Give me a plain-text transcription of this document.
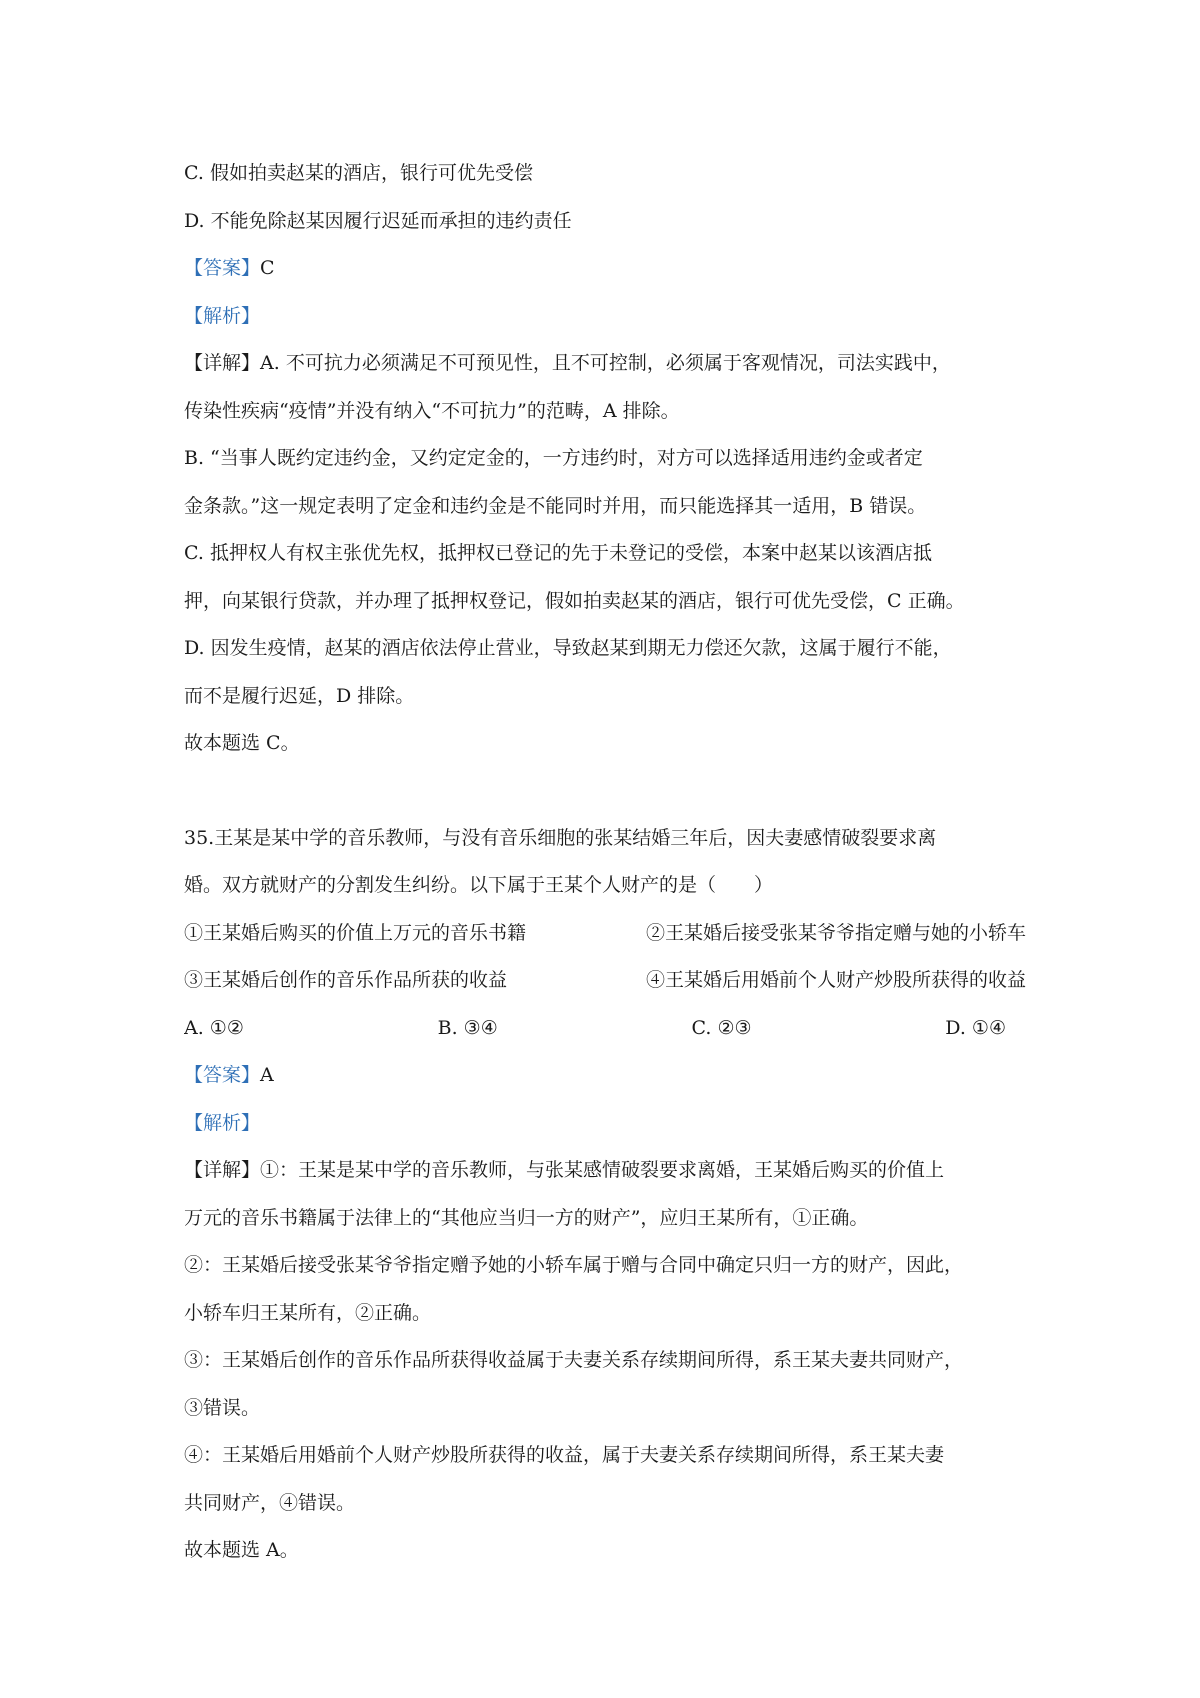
C. 假如拍卖赵某的酒店，银行可优先受偿
D. 不能免除赵某因履行迟延而承担的违约责任
【答案】C
【解析】
【详解】A. 不可抗力必须满足不可预见性，且不可控制，必须属于客观情况，司法实践中，
传染性疾病“疫情”并没有纳入“不可抗力”的范畴，A 排除。
B. “当事人既约定违约金，又约定定金的，一方违约时，对方可以选择适用违约金或者定
金条款。”这一规定表明了定金和违约金是不能同时并用，而只能选择其一适用，B 错误。
C. 抵押权人有权主张优先权，抵押权已登记的先于未登记的受偿，本案中赵某以该酒店抵
押，向某银行贷款，并办理了抵押权登记，假如拍卖赵某的酒店，银行可优先受偿，C 正确。
D. 因发生疫情，赵某的酒店依法停止营业，导致赵某到期无力偿还欠款，这属于履行不能，
而不是履行迟延，D 排除。
故本题选 C。
35.王某是某中学的音乐教师，与没有音乐细胞的张某结婚三年后，因夫妻感情破裂要求离
婚。双方就财产的分割发生纠纷。以下属于王某个人财产的是（　　）
①王某婚后购买的价值上万元的音乐书籍	②王某婚后接受张某爷爷指定赠与她的小轿车
③王某婚后创作的音乐作品所获的收益	④王某婚后用婚前个人财产炒股所获得的收益
A. ①②	B. ③④	C. ②③	D. ①④
【答案】A
【解析】
【详解】①：王某是某中学的音乐教师，与张某感情破裂要求离婚，王某婚后购买的价值上
万元的音乐书籍属于法律上的“其他应当归一方的财产”，应归王某所有，①正确。
②：王某婚后接受张某爷爷指定赠予她的小轿车属于赠与合同中确定只归一方的财产，因此，
小轿车归王某所有，②正确。
③：王某婚后创作的音乐作品所获得收益属于夫妻关系存续期间所得，系王某夫妻共同财产，
③错误。
④：王某婚后用婚前个人财产炒股所获得的收益，属于夫妻关系存续期间所得，系王某夫妻
共同财产，④错误。
故本题选 A。
